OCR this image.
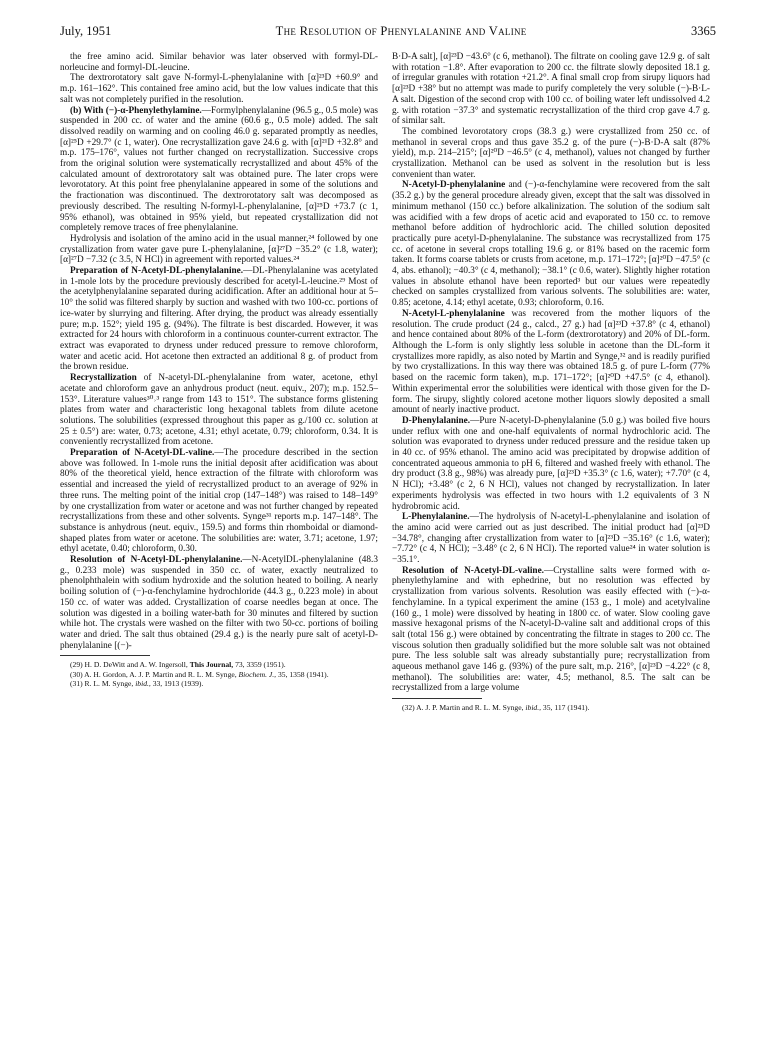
July, 1951	The Resolution of Phenylalanine and Valine	3365

the free amino acid. Similar behavior was later observed with formyl-DL-norleucine and formyl-DL-leucine.

The dextrorotatory salt gave N-formyl-L-phenylalanine with [α]²³D +60.9° and m.p. 161–162°. This contained free amino acid, but the low values indicate that this salt was not completely purified in the resolution.

(b) With (−)-α-Phenylethylamine.—Formylphenylalanine (96.5 g., 0.5 mole) was suspended in 200 cc. of water and the amine (60.6 g., 0.5 mole) added. The salt dissolved readily on warming and on cooling 46.0 g. separated promptly as needles, [α]²⁵D +29.7° (c 1, water). One recrystallization gave 24.6 g. with [α]²¹D +32.8° and m.p. 175–176°, values not further changed on recrystallization. Successive crops from the original solution were systematically recrystallized and about 45% of the calculated amount of dextrorotatory salt was obtained pure. The later crops were levorotatory. At this point free phenylalanine appeared in some of the solutions and the fractionation was discontinued. The dextrorotatory salt was decomposed as previously described. The resulting N-formyl-L-phenylalanine, [α]²⁵D +73.7 (c 1, 95% ethanol), was obtained in 95% yield, but repeated crystallization did not completely remove traces of free phenylalanine.

Hydrolysis and isolation of the amino acid in the usual manner,²⁴ followed by one crystallization from water gave pure L-phenylalanine, [α]²⁷D −35.2° (c 1.8, water); [α]²⁷D −7.32 (c 3.5, N HCl) in agreement with reported values.²⁴

Preparation of N-Acetyl-DL-phenylalanine.—DL-Phenylalanine was acetylated in 1-mole lots by the procedure previously described for acetyl-L-leucine.²⁹ Most of the acetylphenylalanine separated during acidification. After an additional hour at 5–10° the solid was filtered sharply by suction and washed with two 100-cc. portions of ice-water by slurrying and filtering. After drying, the product was already essentially pure; m.p. 152°; yield 195 g. (94%). The filtrate is best discarded. However, it was extracted for 24 hours with chloroform in a continuous counter-current extractor. The extract was evaporated to dryness under reduced pressure to remove chloroform, water and acetic acid. Hot acetone then extracted an additional 8 g. of product from the brown residue.

Recrystallization of N-acetyl-DL-phenylalanine from water, acetone, ethyl acetate and chloroform gave an anhydrous product (neut. equiv., 207); m.p. 152.5–153°. Literature values³⁰˒³ range from 143 to 151°. The substance forms glistening plates from water and characteristic long hexagonal tablets from dilute acetone solutions. The solubilities (expressed throughout this paper as g./100 cc. solution at 25 ± 0.5°) are: water, 0.73; acetone, 4.31; ethyl acetate, 0.79; chloroform, 0.34. It is conveniently recrystallized from acetone.

Preparation of N-Acetyl-DL-valine.—The procedure described in the section above was followed. In 1-mole runs the initial deposit after acidification was about 80% of the theoretical yield, hence extraction of the filtrate with chloroform was essential and increased the yield of recrystallized product to an average of 92% in three runs. The melting point of the initial crop (147–148°) was raised to 148–149° by one crystallization from water or acetone and was not further changed by repeated recrystallizations from these and other solvents. Synge³¹ reports m.p. 147–148°. The substance is anhydrous (neut. equiv., 159.5) and forms thin rhomboidal or diamond-shaped plates from water or acetone. The solubilities are: water, 3.71; acetone, 1.97; ethyl acetate, 0.40; chloroform, 0.30.

Resolution of N-Acetyl-DL-phenylalanine.—N-AcetylDL-phenylalanine (48.3 g., 0.233 mole) was suspended in 350 cc. of water, exactly neutralized to phenolphthalein with sodium hydroxide and the solution heated to boiling. A nearly boiling solution of (−)-α-fenchylamine hydrochloride (44.3 g., 0.223 mole) in about 150 cc. of water was added. Crystallization of coarse needles began at once. The solution was digested in a boiling water-bath for 30 minutes and filtered by suction while hot. The crystals were washed on the filter with two 50-cc. portions of boiling water and dried. The salt thus obtained (29.4 g.) is the nearly pure salt of acetyl-D-phenylalanine [(−)-

(29) H. D. DeWitt and A. W. Ingersoll, This Journal, 73, 3359 (1951).

(30) A. H. Gordon, A. J. P. Martin and R. L. M. Synge, Biochem. J., 35, 1358 (1941).

(31) R. L. M. Synge, ibid., 33, 1913 (1939).

B·D-A salt], [α]²³D −43.6° (c 6, methanol). The filtrate on cooling gave 12.9 g. of salt with rotation −1.8°. After evaporation to 200 cc. the filtrate slowly deposited 18.1 g. of irregular granules with rotation +21.2°. A final small crop from sirupy liquors had [α]²³D +38° but no attempt was made to purify completely the very soluble (−)-B·L-A salt. Digestion of the second crop with 100 cc. of boiling water left undissolved 4.2 g. with rotation −37.3° and systematic recrystallization of the third crop gave 4.7 g. of similar salt.

The combined levorotatory crops (38.3 g.) were crystallized from 250 cc. of methanol in several crops and thus gave 35.2 g. of the pure (−)-B·D-A salt (87% yield), m.p. 214–215°; [α]²⁰D −46.5° (c 4, methanol), values not changed by further crystallization. Methanol can be used as solvent in the resolution but is less convenient than water.

N-Acetyl-D-phenylalanine and (−)-α-fenchylamine were recovered from the salt (35.2 g.) by the general procedure already given, except that the salt was dissolved in minimum methanol (150 cc.) before alkalinization. The solution of the sodium salt was acidified with a few drops of acetic acid and evaporated to 150 cc. to remove methanol before addition of hydrochloric acid. The chilled solution deposited practically pure acetyl-D-phenylalanine. The substance was recrystallized from 175 cc. of acetone in several crops totalling 19.6 g. or 81% based on the racemic form taken. It forms coarse tablets or crusts from acetone, m.p. 171–172°; [α]²⁰D −47.5° (c 4, abs. ethanol); −40.3° (c 4, methanol); −38.1° (c 0.6, water). Slightly higher rotation values in absolute ethanol have been reported³ but our values were repeatedly checked on samples crystallized from various solvents. The solubilities are: water, 0.85; acetone, 4.14; ethyl acetate, 0.93; chloroform, 0.16.

N-Acetyl-L-phenylalanine was recovered from the mother liquors of the resolution. The crude product (24 g., calcd., 27 g.) had [α]²³D +37.8° (c 4, ethanol) and hence contained about 80% of the L-form (dextrorotatory) and 20% of DL-form. Although the L-form is only slightly less soluble in acetone than the DL-form it crystallizes more rapidly, as also noted by Martin and Synge,³² and is readily purified by two crystallizations. In this way there was obtained 18.5 g. of pure L-form (77% based on the racemic form taken), m.p. 171–172°; [α]²⁰D +47.5° (c 4, ethanol). Within experimental error the solubilities were identical with those given for the D-form. The sirupy, slightly colored acetone mother liquors slowly deposited a small amount of nearly inactive product.

D-Phenylalanine.—Pure N-acetyl-D-phenylalanine (5.0 g.) was boiled five hours under reflux with one and one-half equivalents of normal hydrochloric acid. The solution was evaporated to dryness under reduced pressure and the residue taken up in 40 cc. of 95% ethanol. The amino acid was precipitated by dropwise addition of concentrated aqueous ammonia to pH 6, filtered and washed freely with ethanol. The dry product (3.8 g., 98%) was already pure, [α]²³D +35.3° (c 1.6, water); +7.70° (c 4, N HCl); +3.48° (c 2, 6 N HCl), values not changed by recrystallization. In later experiments hydrolysis was effected in two hours with 1.2 equivalents of 3 N hydrobromic acid.

L-Phenylalanine.—The hydrolysis of N-acetyl-L-phenylalanine and isolation of the amino acid were carried out as just described. The initial product had [α]²³D −34.78°, changing after crystallization from water to [α]²³D −35.16° (c 1.6, water); −7.72° (c 4, N HCl); −3.48° (c 2, 6 N HCl). The reported value²⁴ in water solution is −35.1°.

Resolution of N-Acetyl-DL-valine.—Crystalline salts were formed with α-phenylethylamine and with ephedrine, but no resolution was effected by crystallization from various solvents. Resolution was easily effected with (−)-α-fenchylamine. In a typical experiment the amine (153 g., 1 mole) and acetylvaline (160 g., 1 mole) were dissolved by heating in 1800 cc. of water. Slow cooling gave massive hexagonal prisms of the N-acetyl-D-valine salt and additional crops of this salt (total 156 g.) were obtained by concentrating the filtrate in stages to 200 cc. The viscous solution then gradually solidified but the more soluble salt was not obtained pure. The less soluble salt was already substantially pure; recrystallization from aqueous methanol gave 146 g. (93%) of the pure salt, m.p. 216°, [α]²³D −4.22° (c 8, methanol). The solubilities are: water, 4.5; methanol, 8.5. The salt can be recrystallized from a large volume

(32) A. J. P. Martin and R. L. M. Synge, ibid., 35, 117 (1941).
